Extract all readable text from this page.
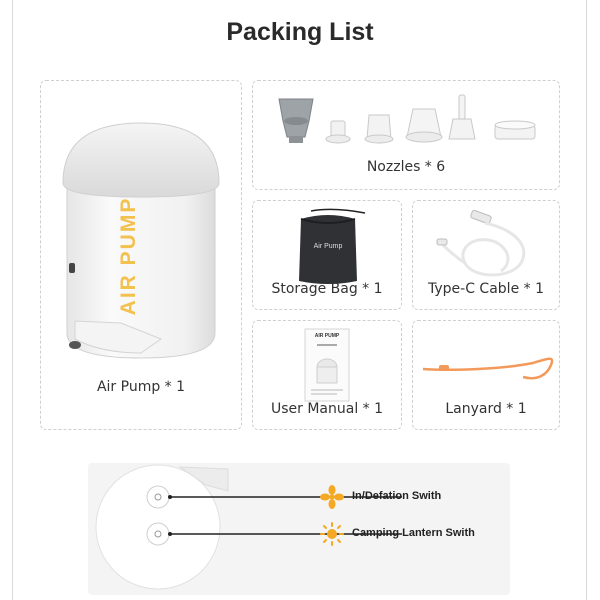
Packing List
AIR PUMP
Air Pump * 1
Nozzles * 6
Air Pump
Storage Bag * 1	Type-C Cable * 1
AIR PUMP
User Manual * 1	Lanyard * 1
In/Defation Swith
Camping Lantern Swith
